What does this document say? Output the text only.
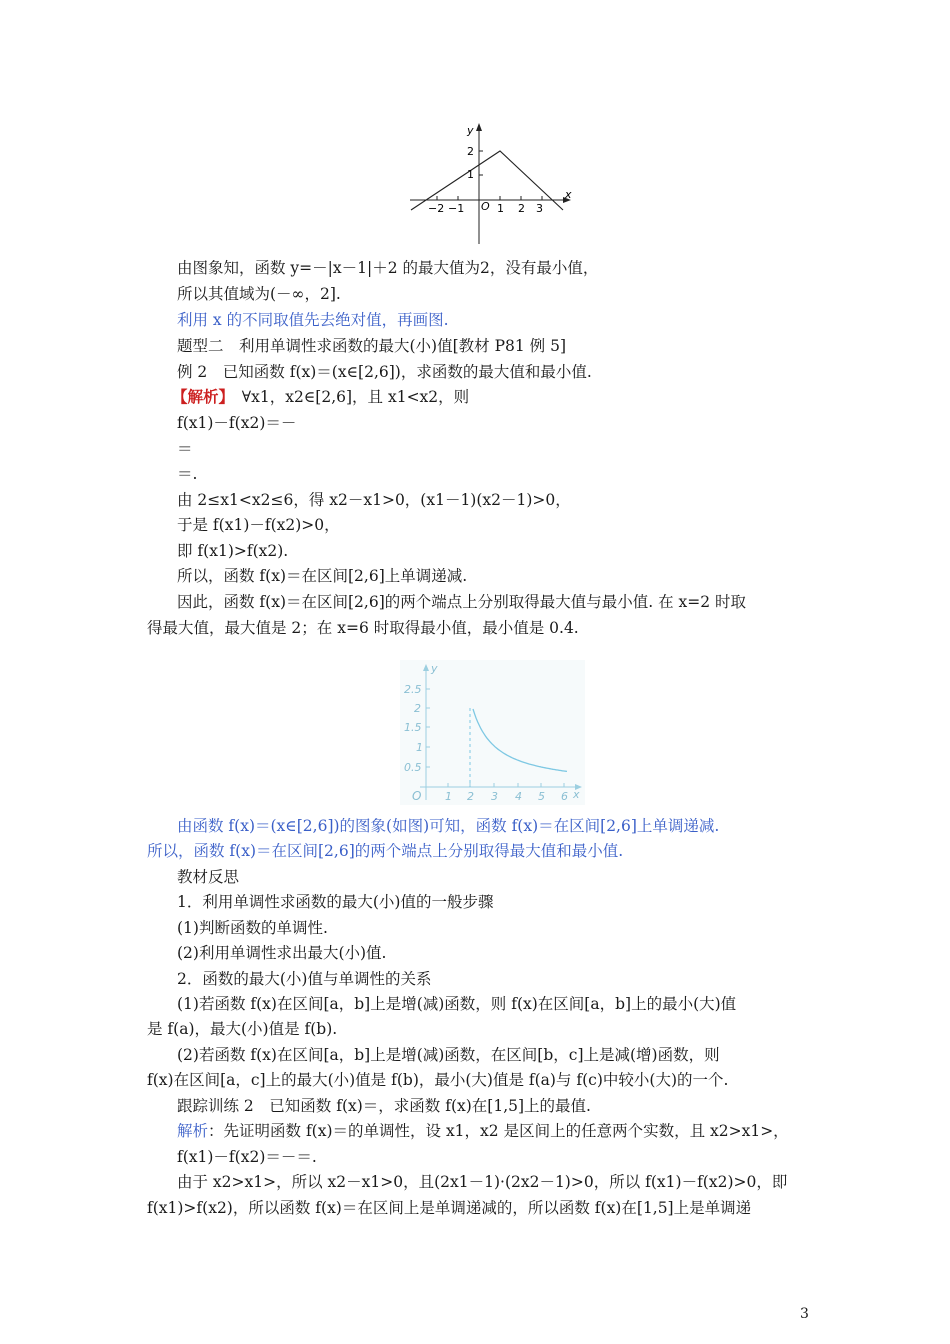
y
x
O
2
1
−2 −1	1 2 3
由图象知，函数 y=－|x－1|＋2 的最大值为2，没有最小值，
所以其值域为(－∞，2].
利用 x 的不同取值先去绝对值，再画图.
题型二　利用单调性求函数的最大(小)值[教材 P81 例 5]
例 2　已知函数 f(x)＝(x∈[2,6])，求函数的最大值和最小值.
【解析】　∀x1，x2∈[2,6]，且 x1<x2，则
f(x1)－f(x2)＝－
＝
＝.
由 2≤x1<x2≤6，得 x2－x1>0，(x1－1)(x2－1)>0，
于是 f(x1)－f(x2)>0，
即 f(x1)>f(x2).
所以，函数 f(x)＝在区间[2,6]上单调递减.
因此，函数 f(x)＝在区间[2,6]的两个端点上分别取得最大值与最小值. 在 x=2 时取
得最大值，最大值是 2；在 x=6 时取得最小值，最小值是 0.4.
y
x
O
2.5
2
1.5
1
0.5
1 2 3 4 5 6
由函数 f(x)＝(x∈[2,6])的图象(如图)可知，函数 f(x)＝在区间[2,6]上单调递减.
所以，函数 f(x)＝在区间[2,6]的两个端点上分别取得最大值和最小值.
教材反思
1．利用单调性求函数的最大(小)值的一般步骤
(1)判断函数的单调性.
(2)利用单调性求出最大(小)值.
2．函数的最大(小)值与单调性的关系
(1)若函数 f(x)在区间[a，b]上是增(减)函数，则 f(x)在区间[a，b]上的最小(大)值
是 f(a)，最大(小)值是 f(b).
(2)若函数 f(x)在区间[a，b]上是增(减)函数，在区间[b，c]上是减(增)函数，则
f(x)在区间[a，c]上的最大(小)值是 f(b)，最小(大)值是 f(a)与 f(c)中较小(大)的一个.
跟踪训练 2　已知函数 f(x)＝，求函数 f(x)在[1,5]上的最值.
解析：先证明函数 f(x)＝的单调性，设 x1，x2 是区间上的任意两个实数，且 x2>x1>，
f(x1)－f(x2)＝－＝.
由于 x2>x1>，所以 x2－x1>0，且(2x1－1)·(2x2－1)>0，所以 f(x1)－f(x2)>0，即
f(x1)>f(x2)，所以函数 f(x)＝在区间上是单调递减的，所以函数 f(x)在[1,5]上是单调递
3
